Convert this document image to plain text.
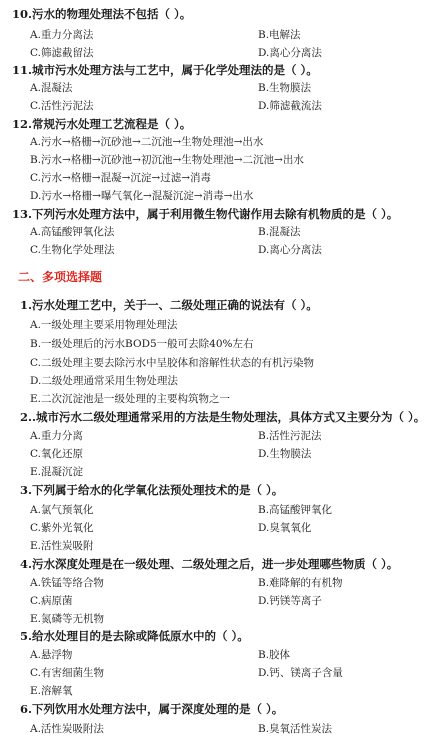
10.污水的物理处理法不包括（ ）。
A.重力分离法	B.电解法
C.筛滤截留法	D.离心分离法
11.城市污水处理方法与工艺中，属于化学处理法的是（ ）。
A.混凝法	B.生物膜法
C.活性污泥法	D.筛滤截流法
12.常规污水处理工艺流程是（ ）。
A.污水→格栅→沉砂池→二沉池→生物处理池→出水
B.污水→格栅→沉砂池→初沉池→生物处理池→二沉池→出水
C.污水→格栅→混凝→沉淀→过滤→消毒
D.污水→格栅→曝气氧化→混凝沉淀→消毒→出水
13.下列污水处理方法中，属于利用微生物代谢作用去除有机物质的是（ ）。
A.高锰酸钾氧化法	B.混凝法
C.生物化学处理法	D.离心分离法
二、多项选择题
1.污水处理工艺中，关于一、二级处理正确的说法有（ ）。
A.一级处理主要采用物理处理法
B.一级处理后的污水BOD5一般可去除40%左右
C.二级处理主要去除污水中呈胶体和溶解性状态的有机污染物
D.二级处理通常采用生物处理法
E.二次沉淀池是一级处理的主要构筑物之一
2..城市污水二级处理通常采用的方法是生物处理法，具体方式又主要分为（ ）。
A.重力分离	B.活性污泥法
C.氧化还原	D.生物膜法
E.混凝沉淀
3.下列属于给水的化学氧化法预处理技术的是（ ）。
A.氯气预氧化	B.高锰酸钾氧化
C.紫外光氧化	D.臭氧氧化
E.活性炭吸附
4.污水深度处理是在一级处理、二级处理之后，进一步处理哪些物质（ ）。
A.铁锰等络合物	B.难降解的有机物
C.病原菌	D.钙镁等离子
E.氮磷等无机物
5.给水处理目的是去除或降低原水中的（ ）。
A.悬浮物	B.胶体
C.有害细菌生物	D.钙、镁离子含量
E.溶解氧
6.下列饮用水处理方法中，属于深度处理的是（ ）。
A.活性炭吸附法	B.臭氧活性炭法
